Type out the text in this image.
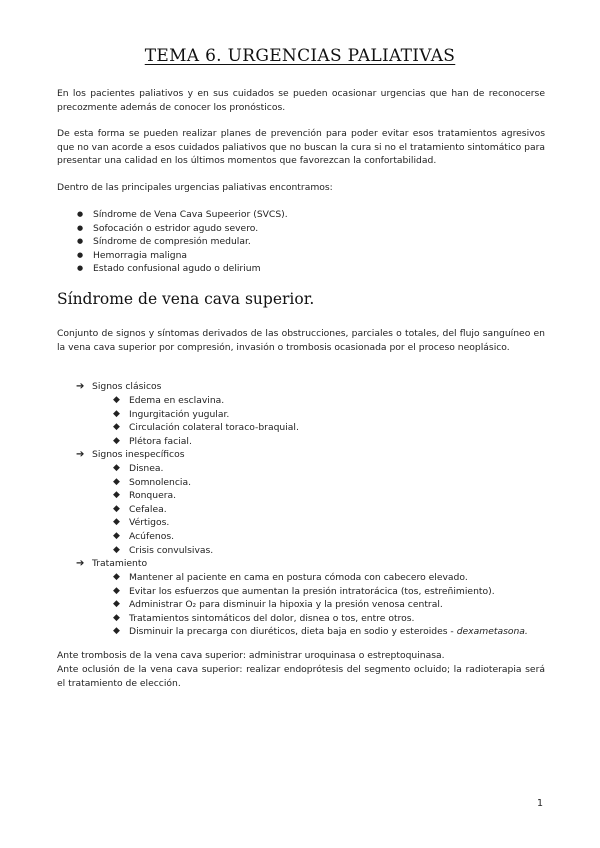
TEMA 6. URGENCIAS PALIATIVAS

En los pacientes paliativos y en sus cuidados se pueden ocasionar urgencias que han de reconocerse precozmente además de conocer los pronósticos.

De esta forma se pueden realizar planes de prevención para poder evitar esos tratamientos agresivos que no van acorde a esos cuidados paliativos que no buscan la cura si no el tratamiento sintomático para presentar una calidad en los últimos momentos que favorezcan la confortabilidad.

Dentro de las principales urgencias paliativas encontramos:

● Síndrome de Vena Cava Supeerior (SVCS).
● Sofocación o estridor agudo severo.
● Síndrome de compresión medular.
● Hemorragia maligna
● Estado confusional agudo o delirium
Síndrome de vena cava superior.

Conjunto de signos y síntomas derivados de las obstrucciones, parciales o totales, del flujo sanguíneo en la vena cava superior por compresión, invasión o trombosis ocasionada por el proceso neoplásico.

➔ Signos clásicos
◆ Edema en esclavina.
◆ Ingurgitación yugular.
◆ Circulación colateral toraco-braquial.
◆ Plétora facial.
➔ Signos inespecíficos
◆ Disnea.
◆ Somnolencia.
◆ Ronquera.
◆ Cefalea.
◆ Vértigos.
◆ Acúfenos.
◆ Crisis convulsivas.
➔ Tratamiento
◆ Mantener al paciente en cama en postura cómoda con cabecero elevado.
◆ Evitar los esfuerzos que aumentan la presión intratorácica (tos, estreñimiento).
◆ Administrar O₂ para disminuir la hipoxia y la presión venosa central.
◆ Tratamientos sintomáticos del dolor, disnea o tos, entre otros.
◆ Disminuir la precarga con diuréticos, dieta baja en sodio y esteroides - dexametasona.

Ante trombosis de la vena cava superior: administrar uroquinasa o estreptoquinasa.

Ante oclusión de la vena cava superior: realizar endoprótesis del segmento ocluido; la radioterapia será el tratamiento de elección.

1
